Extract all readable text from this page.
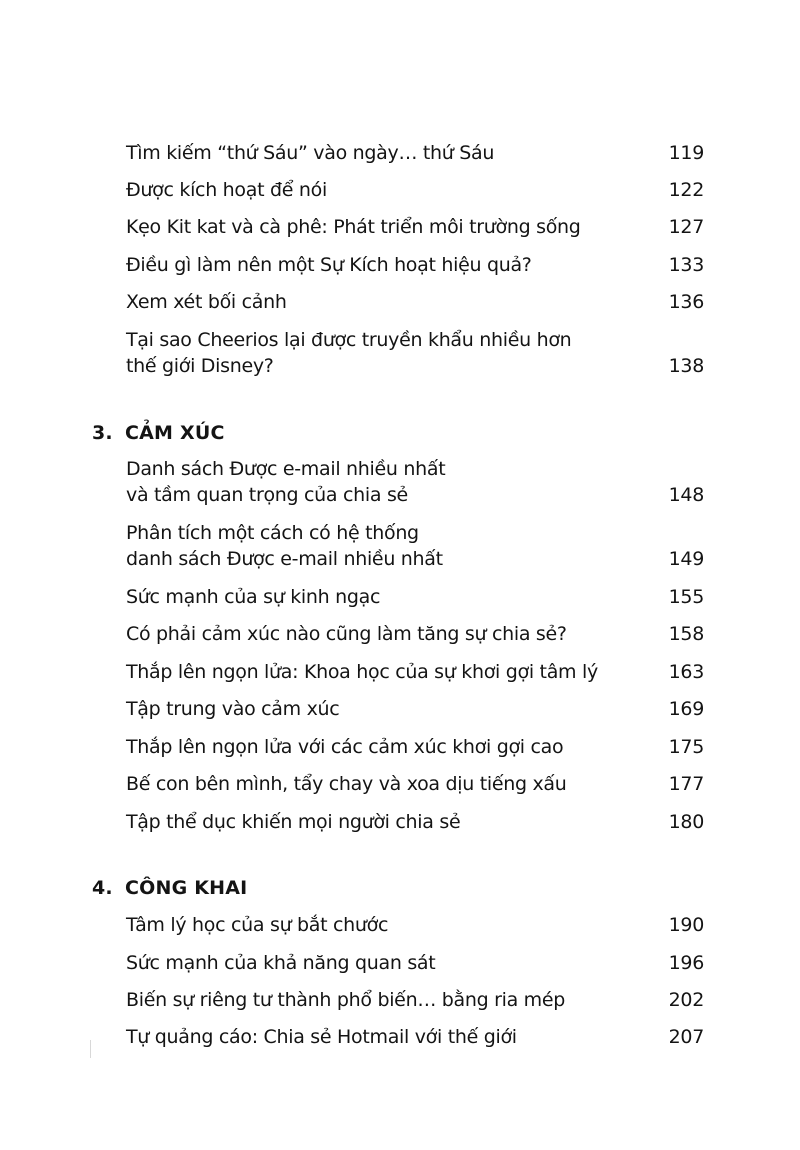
Tìm kiếm “thứ Sáu” vào ngày… thứ Sáu	119
Được kích hoạt để nói	122
Kẹo Kit kat và cà phê: Phát triển môi trường sống	127
Điều gì làm nên một Sự Kích hoạt hiệu quả?	133
Xem xét bối cảnh	136
Tại sao Cheerios lại được truyền khẩu nhiều hơn
thế giới Disney?	138
3. CẢM XÚC
Danh sách Được e-mail nhiều nhất
và tầm quan trọng của chia sẻ	148
Phân tích một cách có hệ thống
danh sách Được e-mail nhiều nhất	149
Sức mạnh của sự kinh ngạc	155
Có phải cảm xúc nào cũng làm tăng sự chia sẻ?	158
Thắp lên ngọn lửa: Khoa học của sự khơi gợi tâm lý	163
Tập trung vào cảm xúc	169
Thắp lên ngọn lửa với các cảm xúc khơi gợi cao	175
Bế con bên mình, tẩy chay và xoa dịu tiếng xấu	177
Tập thể dục khiến mọi người chia sẻ	180
4. CÔNG KHAI
Tâm lý học của sự bắt chước	190
Sức mạnh của khả năng quan sát	196
Biến sự riêng tư thành phổ biến… bằng ria mép	202
Tự quảng cáo: Chia sẻ Hotmail với thế giới	207
